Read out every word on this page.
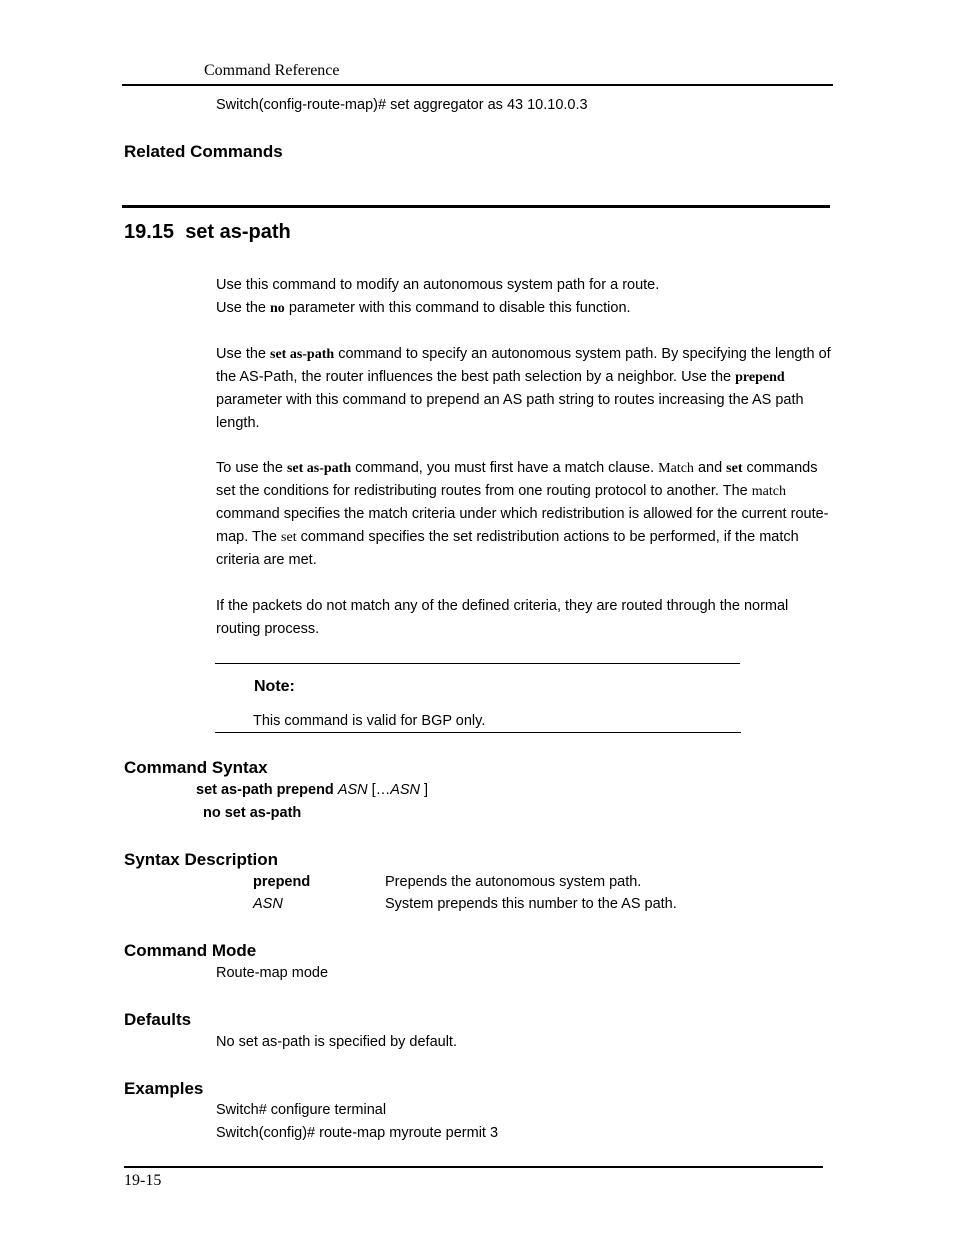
Command Reference
Switch(config-route-map)# set aggregator as 43 10.10.0.3
Related Commands
19.15 set as-path

Use this command to modify an autonomous system path for a route.

Use the no parameter with this command to disable this function.

Use the set as-path command to specify an autonomous system path. By specifying the length of the AS-Path, the router influences the best path selection by a neighbor. Use the prepend parameter with this command to prepend an AS path string to routes increasing the AS path length.

To use the set as-path command, you must first have a match clause. Match and set commands set the conditions for redistributing routes from one routing protocol to another. The match command specifies the match criteria under which redistribution is allowed for the current route-map. The set command specifies the set redistribution actions to be performed, if the match criteria are met.

If the packets do not match any of the defined criteria, they are routed through the normal routing process.
Note:
This command is valid for BGP only.
Command Syntax
set as-path prepend ASN […ASN ]
no set as-path
Syntax Description
prepend	Prepends the autonomous system path.
ASN	System prepends this number to the AS path.
Command Mode
Route-map mode
Defaults
No set as-path is specified by default.
Examples
Switch# configure terminal
Switch(config)# route-map myroute permit 3
19-15
